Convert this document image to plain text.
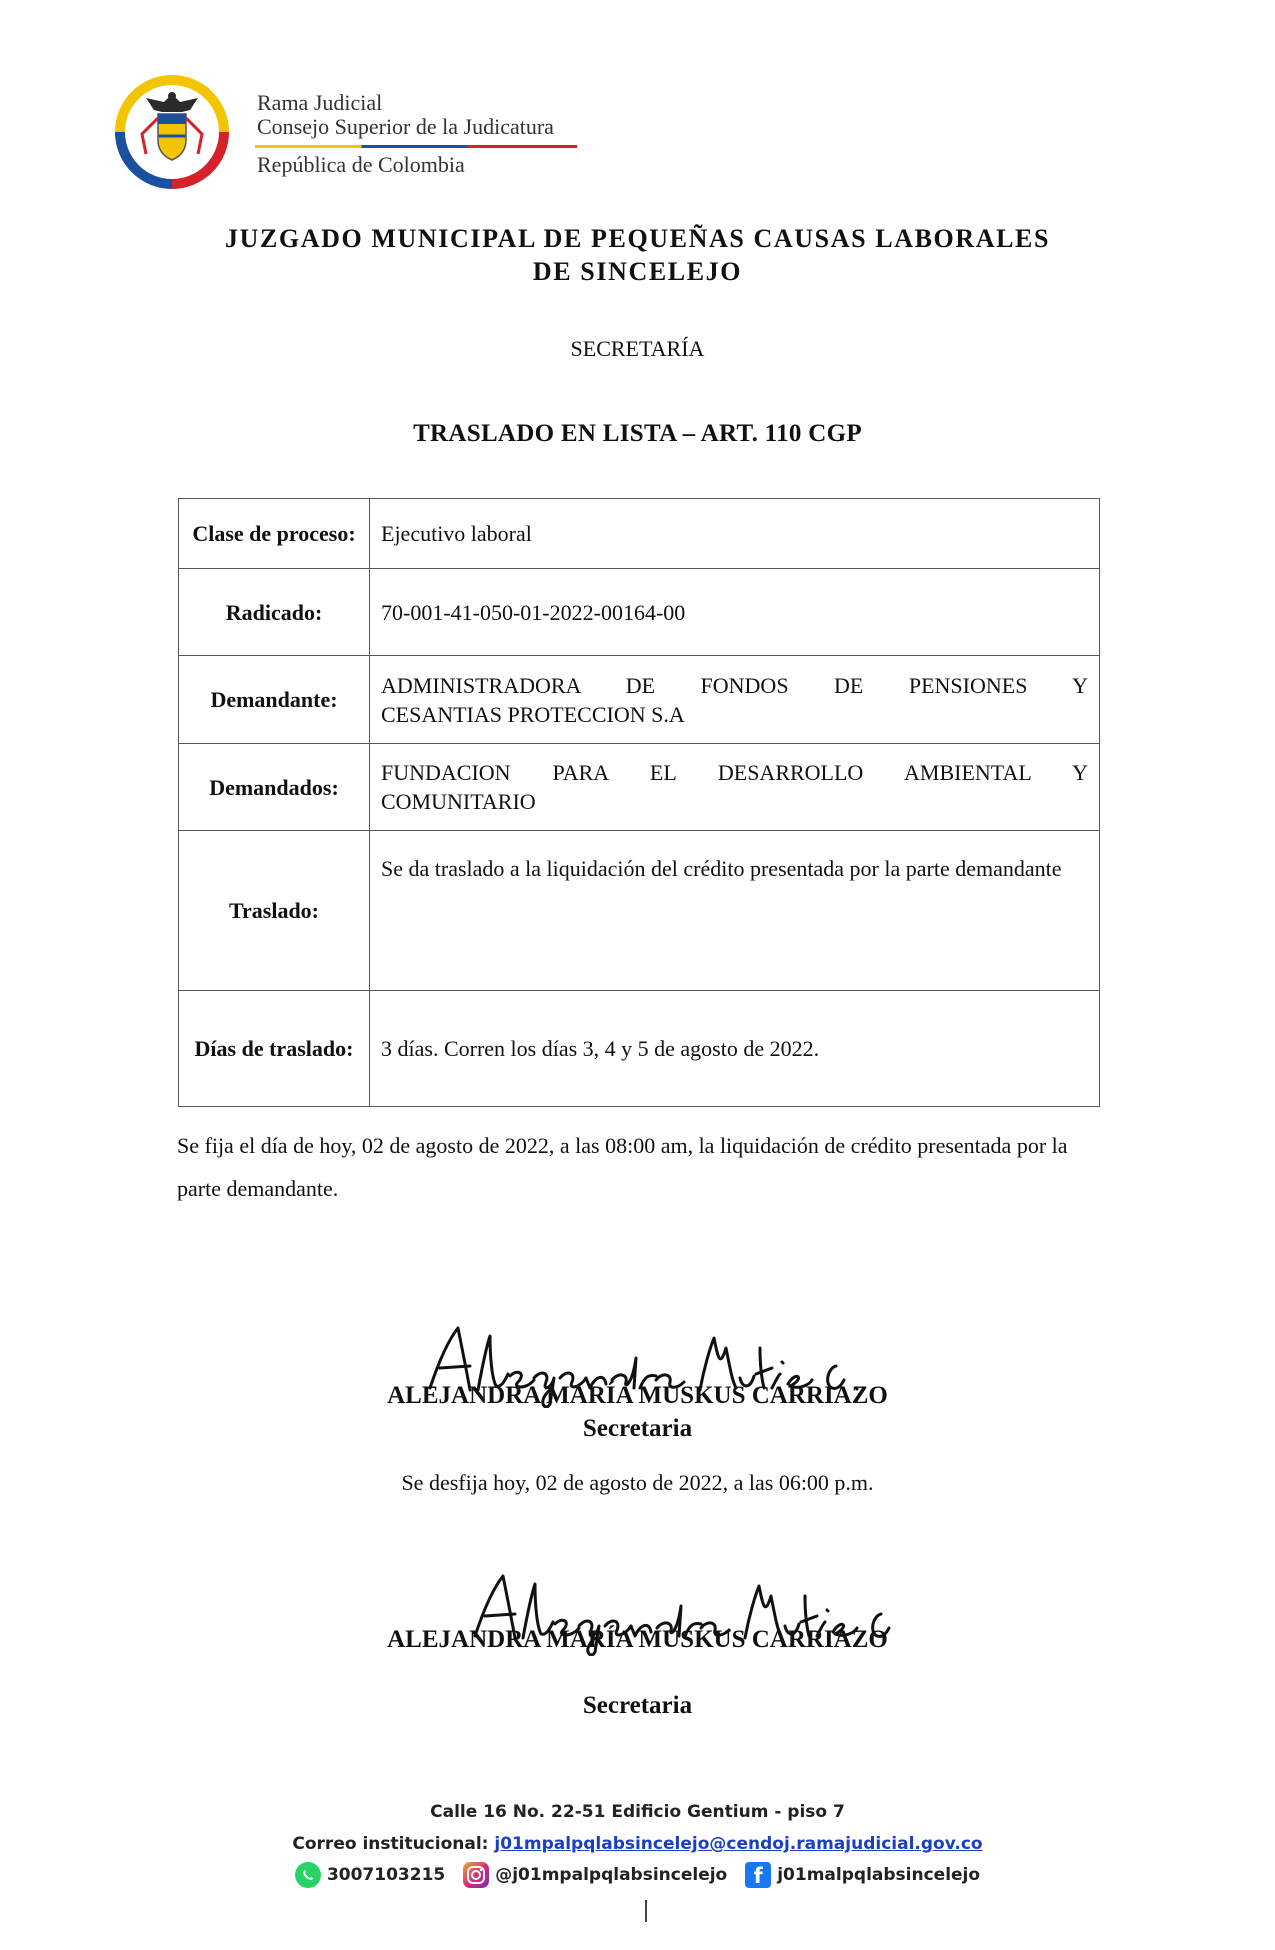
Rama Judicial
Consejo Superior de la Judicatura
República de Colombia
JUZGADO MUNICIPAL DE PEQUEÑAS CAUSAS LABORALES
DE SINCELEJO
SECRETARÍA
TRASLADO EN LISTA – ART. 110 CGP
Clase de proceso:	Ejecutivo laboral
Radicado:	70-001-41-050-01-2022-00164-00
Demandante:	ADMINISTRADORA DE FONDOS DE PENSIONES Y
CESANTIAS PROTECCION S.A

Demandados:	FUNDACION PARA EL DESARROLLO AMBIENTAL Y
COMUNITARIO

Traslado:	Se da traslado a la liquidación del crédito presentada por la parte demandante
Días de traslado:	3 días. Corren los días 3, 4 y 5 de agosto de 2022.
Se fija el día de hoy, 02 de agosto de 2022, a las 08:00 am, la liquidación de crédito presentada por la parte demandante.
ALEJANDRA MARÍA MUSKUS CARRIAZO
Secretaria
Se desfija hoy, 02 de agosto de 2022, a las 06:00 p.m.
ALEJANDRA MARÍA MUSKUS CARRIAZO
Secretaria
Calle 16 No. 22-51 Edificio Gentium - piso 7
Correo institucional: j01mpalpqlabsincelejo@cendoj.ramajudicial.gov.co
3007103215	@j01mpalpqlabsincelejo	f j01malpqlabsincelejo
